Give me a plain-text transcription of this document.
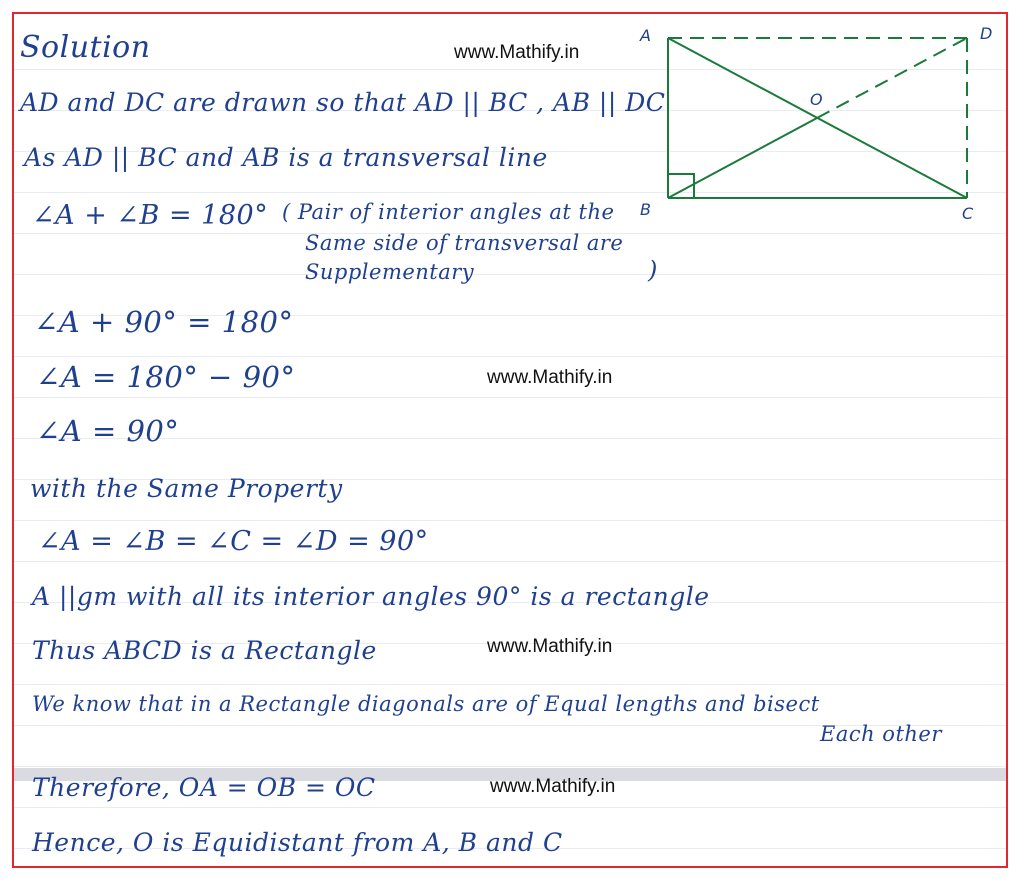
Solution
AD and DC are drawn so that AD || BC , AB || DC
As AD || BC and AB is a transversal line
∠A + ∠B = 180° ( Pair of interior angles at the
Same side of transversal are
Supplementary	)
∠A + 90° = 180°
∠A = 180° − 90°
∠A = 90°
with the Same Property
∠A = ∠B = ∠C = ∠D = 90°
A ||gm with all its interior angles 90° is a rectangle
Thus ABCD is a Rectangle
We know that in a Rectangle diagonals are of Equal lengths and bisect
Each other
Therefore, OA = OB = OC
Hence, O is Equidistant from A, B and C
www.Mathify.in
www.Mathify.in
www.Mathify.in
www.Mathify.in
A	D
B	C
O
